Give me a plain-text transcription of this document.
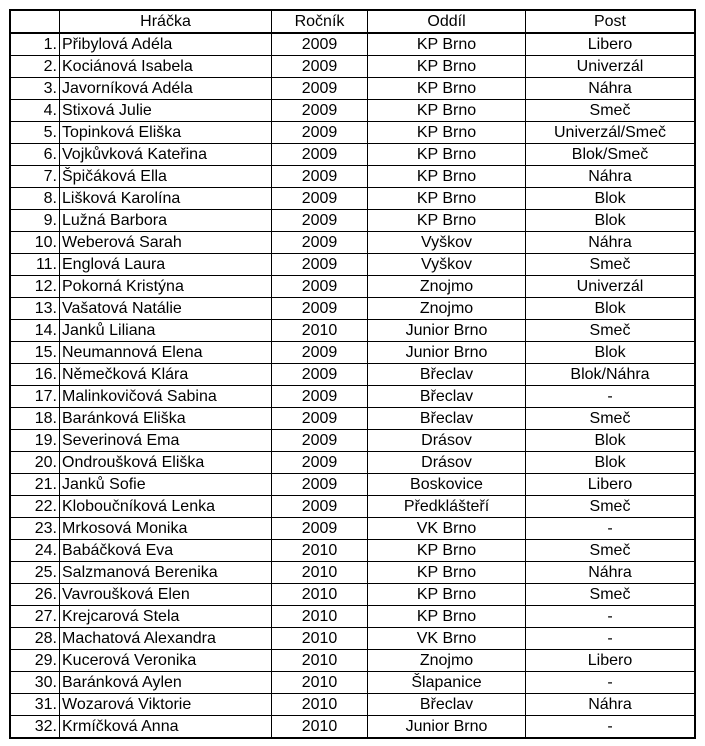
	Hráčka	Ročník	Oddíl	Post
1.	Přibylová Adéla	2009	KP Brno	Libero
2.	Kociánová Isabela	2009	KP Brno	Univerzál
3.	Javorníková Adéla	2009	KP Brno	Náhra
4.	Stixová Julie	2009	KP Brno	Smeč
5.	Topinková Eliška	2009	KP Brno	Univerzál/Smeč
6.	Vojkůvková Kateřina	2009	KP Brno	Blok/Smeč
7.	Špičáková Ella	2009	KP Brno	Náhra
8.	Lišková Karolína	2009	KP Brno	Blok
9.	Lužná Barbora	2009	KP Brno	Blok
10.	Weberová Sarah	2009	Vyškov	Náhra
11.	Englová Laura	2009	Vyškov	Smeč
12.	Pokorná Kristýna	2009	Znojmo	Univerzál
13.	Vašatová Natálie	2009	Znojmo	Blok
14.	Janků Liliana	2010	Junior Brno	Smeč
15.	Neumannová Elena	2009	Junior Brno	Blok
16.	Němečková Klára	2009	Břeclav	Blok/Náhra
17.	Malinkovičová Sabina	2009	Břeclav	-
18.	Baránková Eliška	2009	Břeclav	Smeč
19.	Severinová Ema	2009	Drásov	Blok
20.	Ondroušková Eliška	2009	Drásov	Blok
21.	Janků Sofie	2009	Boskovice	Libero
22.	Kloboučníková Lenka	2009	Předklášteří	Smeč
23.	Mrkosová Monika	2009	VK Brno	-
24.	Babáčková Eva	2010	KP Brno	Smeč
25.	Salzmanová Berenika	2010	KP Brno	Náhra
26.	Vavroušková Elen	2010	KP Brno	Smeč
27.	Krejcarová Stela	2010	KP Brno	-
28.	Machatová Alexandra	2010	VK Brno	-
29.	Kucerová Veronika	2010	Znojmo	Libero
30.	Baránková Aylen	2010	Šlapanice	-
31.	Wozarová Viktorie	2010	Břeclav	Náhra
32.	Krmíčková Anna	2010	Junior Brno	-
